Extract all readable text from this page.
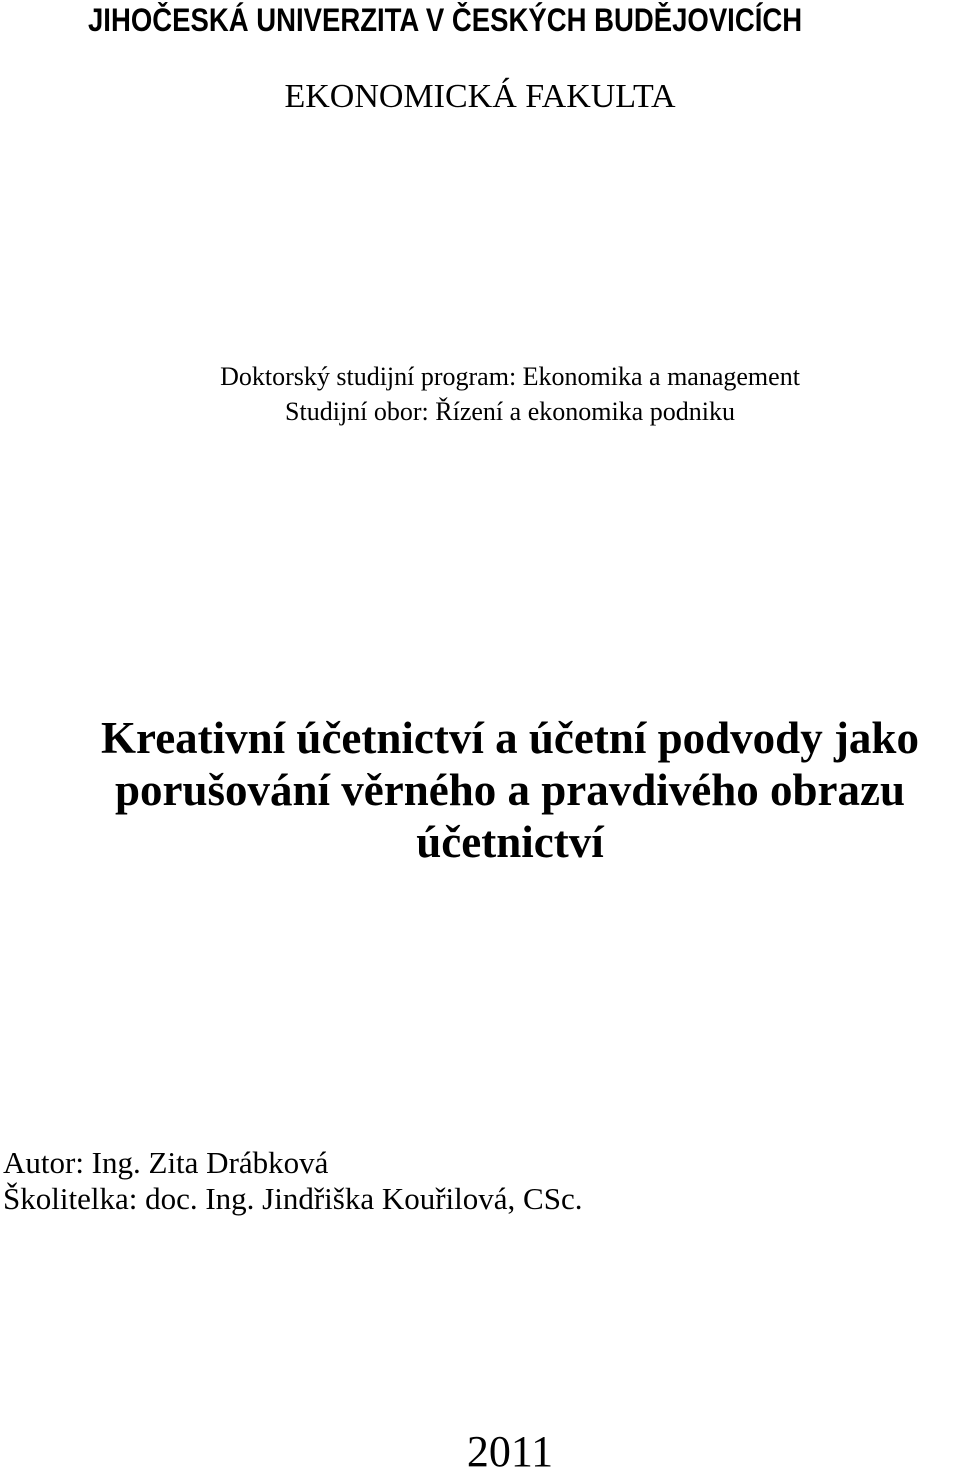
JIHOČESKÁ UNIVERZITA V ČESKÝCH BUDĚJOVICÍCH
EKONOMICKÁ FAKULTA
Doktorský studijní program: Ekonomika a management
Studijní obor: Řízení a ekonomika podniku
Kreativní účetnictví a účetní podvody jako
porušování věrného a pravdivého obrazu
účetnictví
Autor: Ing. Zita Drábková
Školitelka: doc. Ing. Jindřiška Kouřilová, CSc.
2011
